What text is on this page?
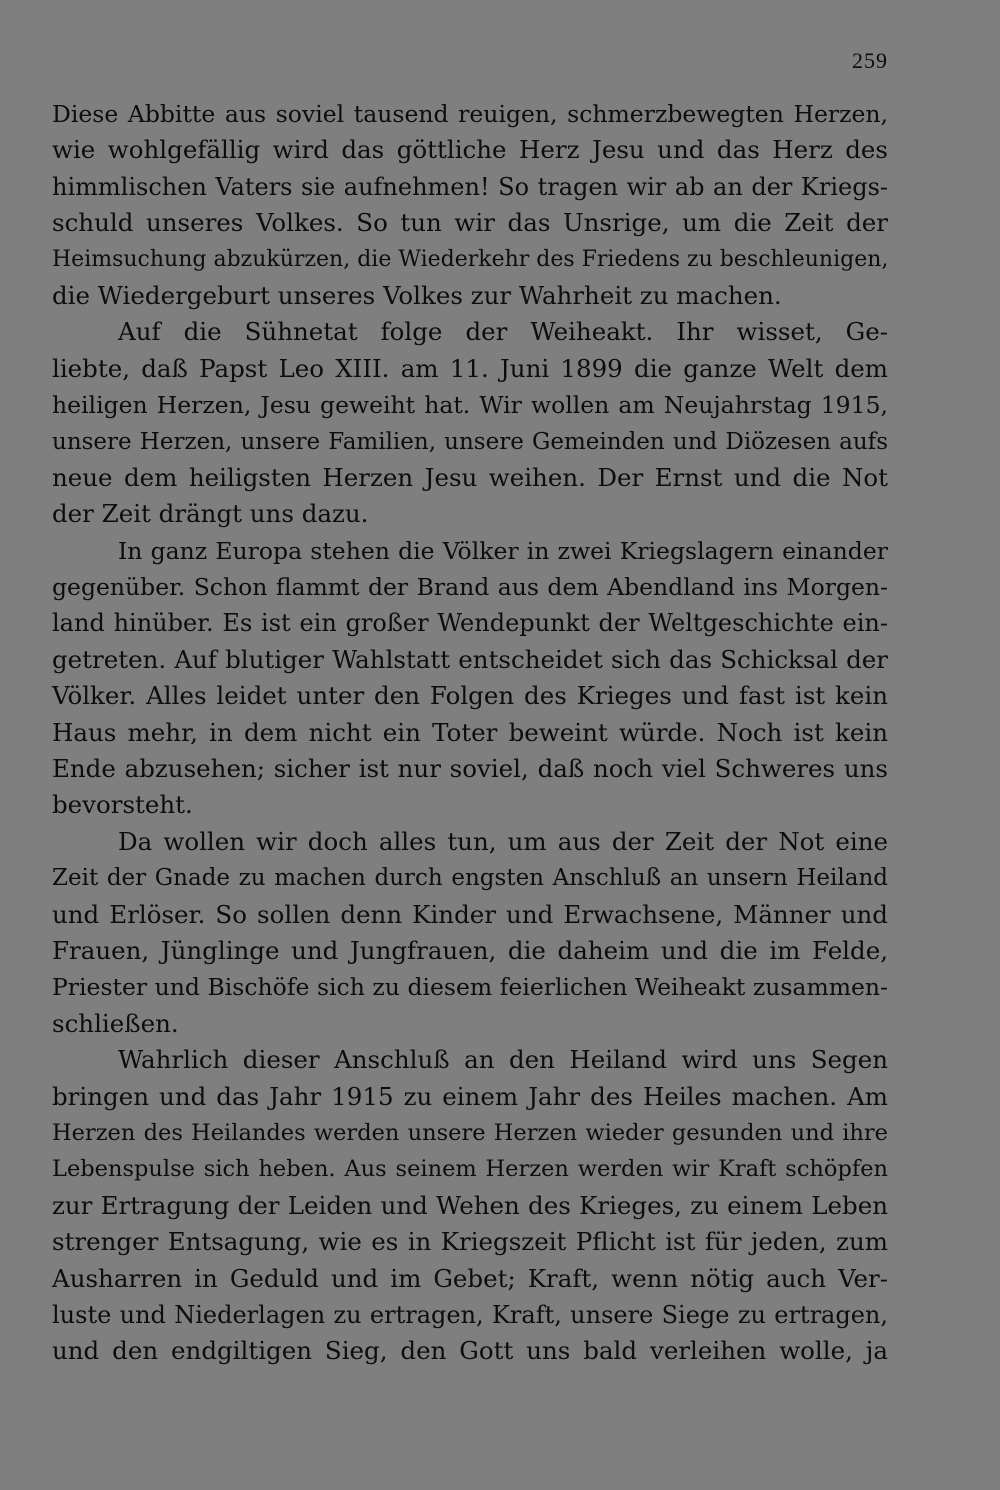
259
Diese Abbitte aus soviel tausend reuigen, schmerzbewegten Herzen,
wie wohlgefällig wird das göttliche Herz Jesu und das Herz des
himmlischen Vaters sie aufnehmen! So tragen wir ab an der Kriegs-
schuld unseres Volkes. So tun wir das Unsrige, um die Zeit der
Heimsuchung abzukürzen, die Wiederkehr des Friedens zu beschleunigen,
die Wiedergeburt unseres Volkes zur Wahrheit zu machen.
Auf die Sühnetat folge der Weiheakt. Ihr wisset, Ge-
liebte, daß Papst Leo XIII. am 11. Juni 1899 die ganze Welt dem
heiligen Herzen, Jesu geweiht hat. Wir wollen am Neujahrstag 1915,
unsere Herzen, unsere Familien, unsere Gemeinden und Diözesen aufs
neue dem heiligsten Herzen Jesu weihen. Der Ernst und die Not
der Zeit drängt uns dazu.
In ganz Europa stehen die Völker in zwei Kriegslagern einander
gegenüber. Schon flammt der Brand aus dem Abendland ins Morgen-
land hinüber. Es ist ein großer Wendepunkt der Weltgeschichte ein-
getreten. Auf blutiger Wahlstatt entscheidet sich das Schicksal der
Völker. Alles leidet unter den Folgen des Krieges und fast ist kein
Haus mehr, in dem nicht ein Toter beweint würde. Noch ist kein
Ende abzusehen; sicher ist nur soviel, daß noch viel Schweres uns
bevorsteht.
Da wollen wir doch alles tun, um aus der Zeit der Not eine
Zeit der Gnade zu machen durch engsten Anschluß an unsern Heiland
und Erlöser. So sollen denn Kinder und Erwachsene, Männer und
Frauen, Jünglinge und Jungfrauen, die daheim und die im Felde,
Priester und Bischöfe sich zu diesem feierlichen Weiheakt zusammen-
schließen.
Wahrlich dieser Anschluß an den Heiland wird uns Segen
bringen und das Jahr 1915 zu einem Jahr des Heiles machen. Am
Herzen des Heilandes werden unsere Herzen wieder gesunden und ihre
Lebenspulse sich heben. Aus seinem Herzen werden wir Kraft schöpfen
zur Ertragung der Leiden und Wehen des Krieges, zu einem Leben
strenger Entsagung, wie es in Kriegszeit Pflicht ist für jeden, zum
Ausharren in Geduld und im Gebet; Kraft, wenn nötig auch Ver-
luste und Niederlagen zu ertragen, Kraft, unsere Siege zu ertragen,
und den endgiltigen Sieg, den Gott uns bald verleihen wolle, ja
